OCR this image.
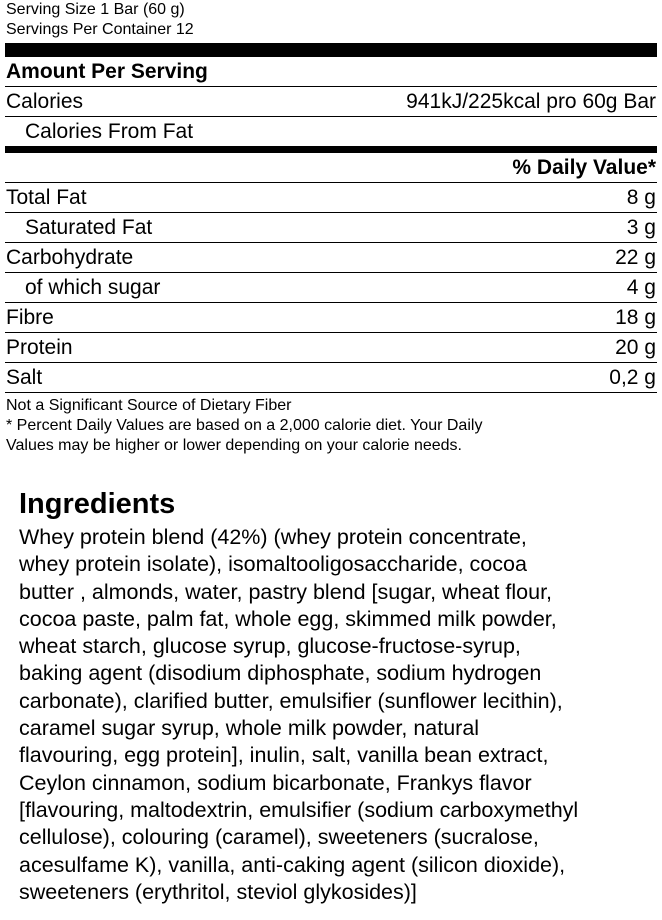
Serving Size 1 Bar (60 g)
Servings Per Container 12
Amount Per Serving
Calories	941kJ/225kcal pro 60g Bar
Calories From Fat
% Daily Value*
Total Fat	8 g
Saturated Fat	3 g
Carbohydrate	22 g
of which sugar	4 g
Fibre	18 g
Protein	20 g
Salt	0,2 g
Not a Significant Source of Dietary Fiber
* Percent Daily Values are based on a 2,000 calorie diet. Your Daily
Values may be higher or lower depending on your calorie needs.
Ingredients
Whey protein blend (42%) (whey protein concentrate,
whey protein isolate), isomaltooligosaccharide, cocoa
butter , almonds, water, pastry blend [sugar, wheat flour,
cocoa paste, palm fat, whole egg, skimmed milk powder,
wheat starch, glucose syrup, glucose-fructose-syrup,
baking agent (disodium diphosphate, sodium hydrogen
carbonate), clarified butter, emulsifier (sunflower lecithin),
caramel sugar syrup, whole milk powder, natural
flavouring, egg protein], inulin, salt, vanilla bean extract,
Ceylon cinnamon, sodium bicarbonate, Frankys flavor
[flavouring, maltodextrin, emulsifier (sodium carboxymethyl
cellulose), colouring (caramel), sweeteners (sucralose,
acesulfame K), vanilla, anti-caking agent (silicon dioxide),
sweeteners (erythritol, steviol glykosides)]
